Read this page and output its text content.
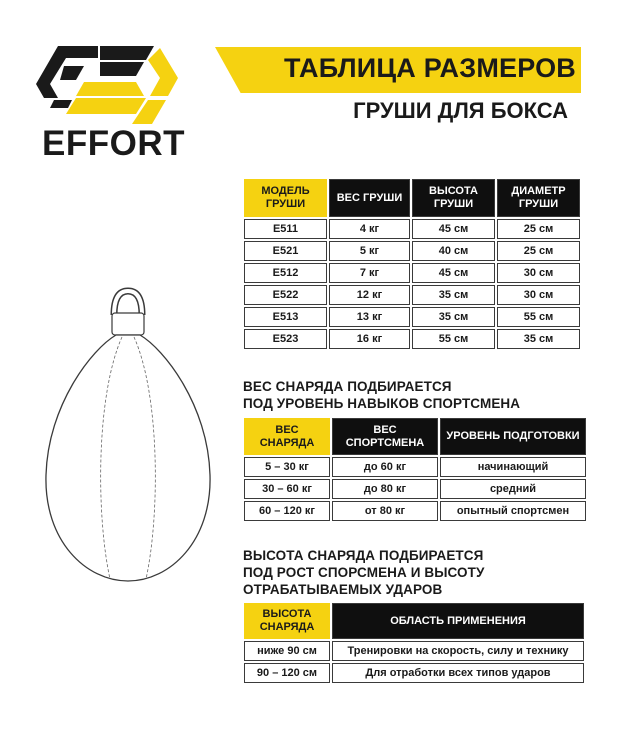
EFFORT
ТАБЛИЦА РАЗМЕРОВ
ГРУШИ ДЛЯ БОКСА
МОДЕЛЬ ГРУШИ	ВЕС ГРУШИ	ВЫСОТА ГРУШИ	ДИАМЕТР ГРУШИ
E511	4 кг	45 см	25 см
E521	5 кг	40 см	25 см
E512	7 кг	45 см	30 см
E522	12 кг	35 см	30 см
E513	13 кг	35 см	55 см
E523	16 кг	55 см	35 см
ВЕС СНАРЯДА ПОДБИРАЕТСЯ
ПОД УРОВЕНЬ НАВЫКОВ СПОРТСМЕНА
ВЕС СНАРЯДА	ВЕС СПОРТСМЕНА	УРОВЕНЬ ПОДГОТОВКИ
5 – 30 кг	до 60 кг	начинающий
30 – 60 кг	до 80 кг	средний
60 – 120 кг	от 80 кг	опытный спортсмен
ВЫСОТА СНАРЯДА ПОДБИРАЕТСЯ
ПОД РОСТ СПОРСМЕНА И ВЫСОТУ
ОТРАБАТЫВАЕМЫХ УДАРОВ
ВЫСОТА СНАРЯДА	ОБЛАСТЬ ПРИМЕНЕНИЯ
ниже 90 см	Тренировки на скорость, силу и технику
90 – 120 см	Для отработки всех типов ударов
